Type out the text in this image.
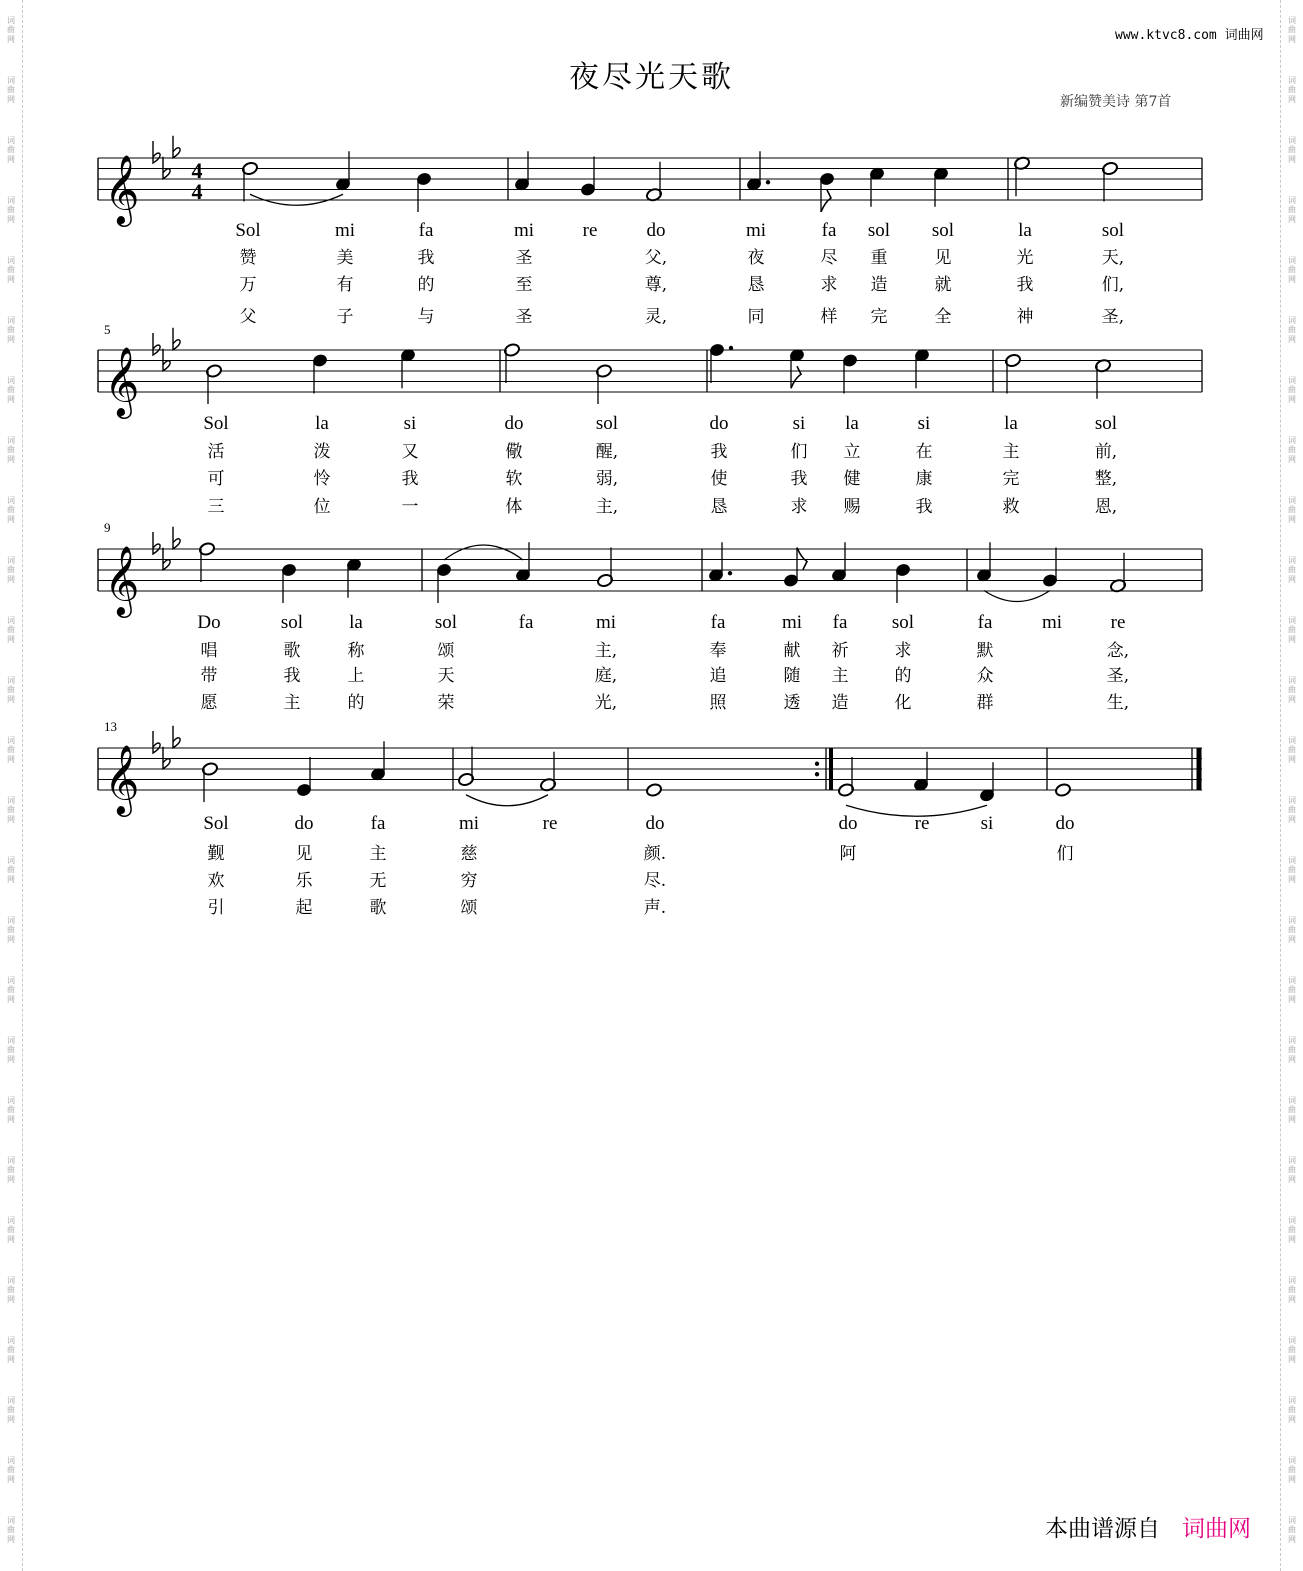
词
曲
网
词
曲
网
词
曲
网
词
曲
网
词
曲
网
词
曲
网
词
曲
网
词
曲
网
词
曲
网
词
曲
网
词
曲
网
词
曲
网
词
曲
网
词
曲
网
词
曲
网
词
曲
网
词
曲
网
词
曲
网
词
曲
网
词
曲
网
词
曲
网
词
曲
网
词
曲
网
词
曲
网
词
曲
网
词
曲
网
词
曲
网
词
曲
网
词
曲
网
词
曲
网
词
曲
网
词
曲
网
词
曲
网
词
曲
网
词
曲
网
词
曲
网
词
曲
网
词
曲
网
词
曲
网
词
曲
网
词
曲
网
词
曲
网
词
曲
网
词
曲
网
词
曲
网
词
曲
网
词
曲
网
词
曲
网
词
曲
网
词
曲
网
词
曲
网
词
曲
网
www.ktvc8.com 词曲网
夜尽光天歌
新编赞美诗 第7首
𝄞
𝄞
𝄞
𝄞
4
4
Sol	mi	fa	mi	re	do	mi	fa sol sol	la	sol
赞	美	我	圣	父,	夜	尽 重	见	光	天,
万	有	的	至	尊,	恳	求 造	就	我	们,
父	子	与	圣	灵,	同	样 完	全	神	圣,
Sol	la	si	do	sol	do	si la	si	la	sol
活	泼	又	儆	醒,	我	们 立	在	主	前,
可	怜	我	软	弱,	使	我 健	康	完	整,
三	位	一	体	主,	恳	求 赐	我	救	恩,
Do	sol la	sol	fa	mi	fa	mi fa sol	fa	mi	re
唱	歌	称	颂	主,	奉	献 祈	求	默	念,
带	我	上	天	庭,	追	随 主	的	众	圣,
愿	主	的	荣	光,	照	透 造	化	群	生,
Sol	do	fa	mi	re	do	do	re	si	do
觐	见	主	慈	颜.	阿	们
欢	乐	无	穷	尽.
引	起	歌	颂	声.
5
9
13
本曲谱源自 词曲网
